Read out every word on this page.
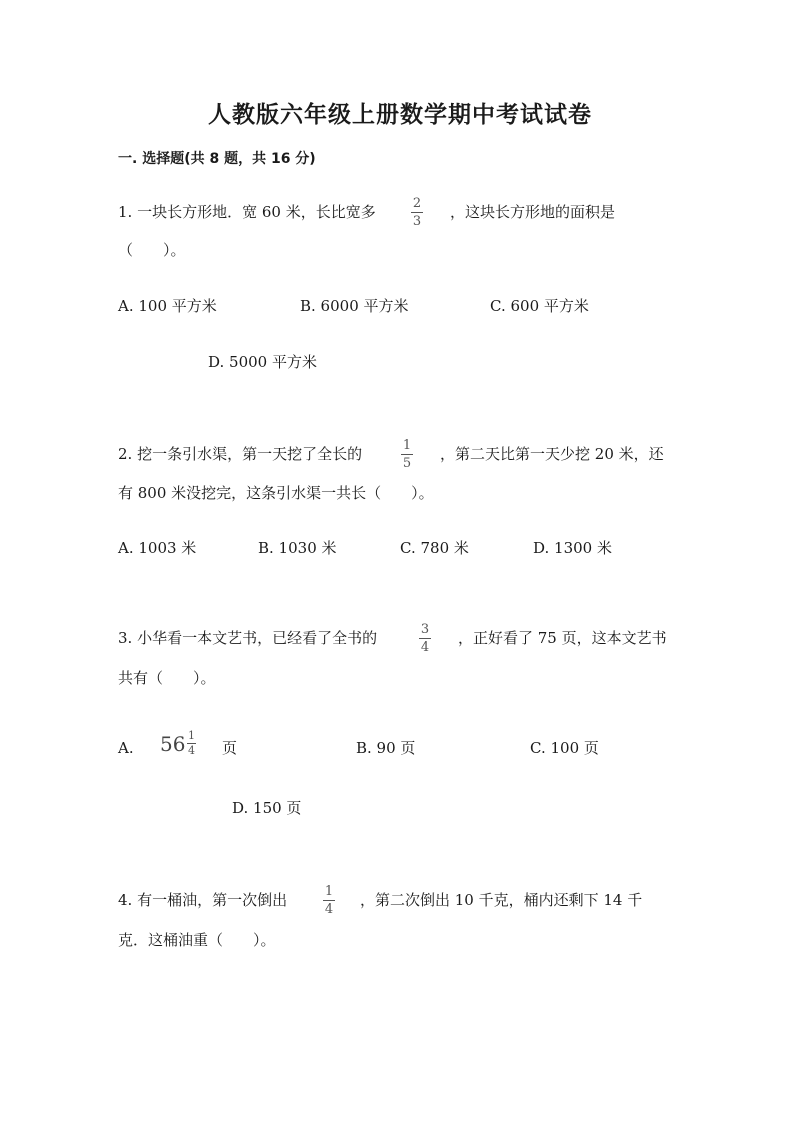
人教版六年级上册数学期中考试试卷
一. 选择题(共 8 题，共 16 分)
1. 一块长方形地．宽 60 米，长比宽多	2
3
，这块长方形地的面积是
（　　）。
A. 100 平方米	B. 6000 平方米	C. 600 平方米
D. 5000 平方米
2. 挖一条引水渠，第一天挖了全长的	1
5
，第二天比第一天少挖 20 米，还
有 800 米没挖完，这条引水渠一共长（　　）。
A. 1003 米	B. 1030 米	C. 780 米	D. 1300 米
3. 小华看一本文艺书，已经看了全书的	3
4
，正好看了 75 页，这本文艺书
共有（　　）。
A. $56 \frac{1}{4}$ 页	B. 90 页	C. 100 页
D. 150 页
4. 有一桶油，第一次倒出	1
4
，第二次倒出 10 千克，桶内还剩下 14 千
克．这桶油重（　　）。
